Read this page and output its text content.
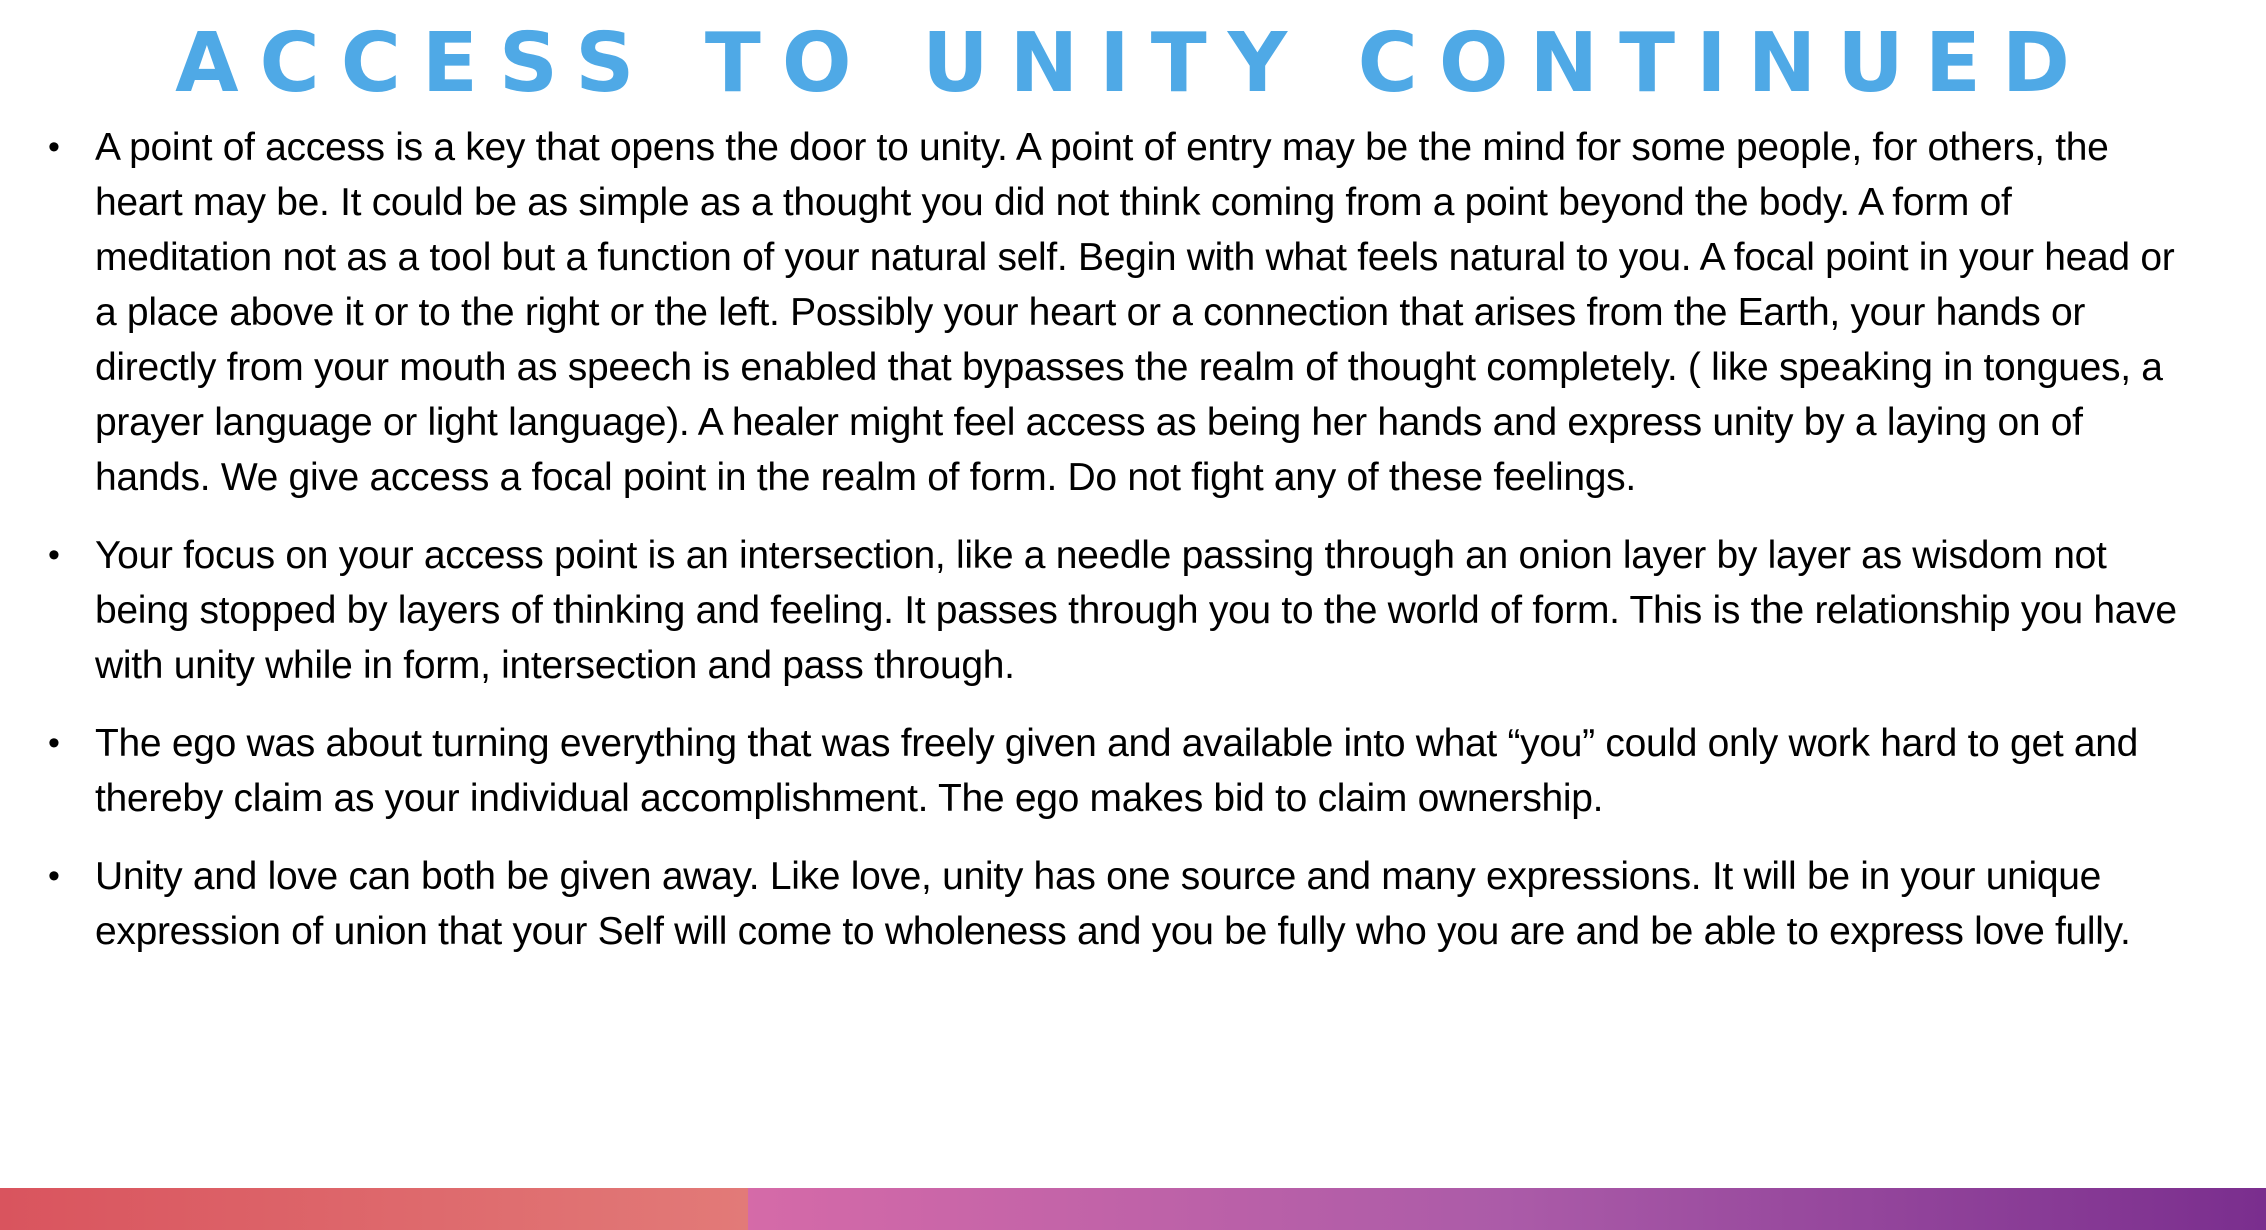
ACCESS TO UNITY CONTINUED
• A point of access is a key that opens the door to unity. A point of entry may be the mind for some people, for others, the heart may be. It could be as simple as a thought you did not think coming from a point beyond the body. A form of meditation not as a tool but a function of your natural self. Begin with what feels natural to you. A focal point in your head or a place above it or to the right or the left. Possibly your heart or a connection that arises from the Earth, your hands or directly from your mouth as speech is enabled that bypasses the realm of thought completely. ( like speaking in tongues, a prayer language or light language). A healer might feel access as being her hands and express unity by a laying on of hands. We give access a focal point in the realm of form. Do not fight any of these feelings.
• Your focus on your access point is an intersection, like a needle passing through an onion layer by layer as wisdom not being stopped by layers of thinking and feeling. It passes through you to the world of form. This is the relationship you have with unity while in form, intersection and pass through.
• The ego was about turning everything that was freely given and available into what “you” could only work hard to get and thereby claim as your individual accomplishment. The ego makes bid to claim ownership.
• Unity and love can both be given away. Like love, unity has one source and many expressions. It will be in your unique expression of union that your Self will come to wholeness and you be fully who you are and be able to express love fully.
